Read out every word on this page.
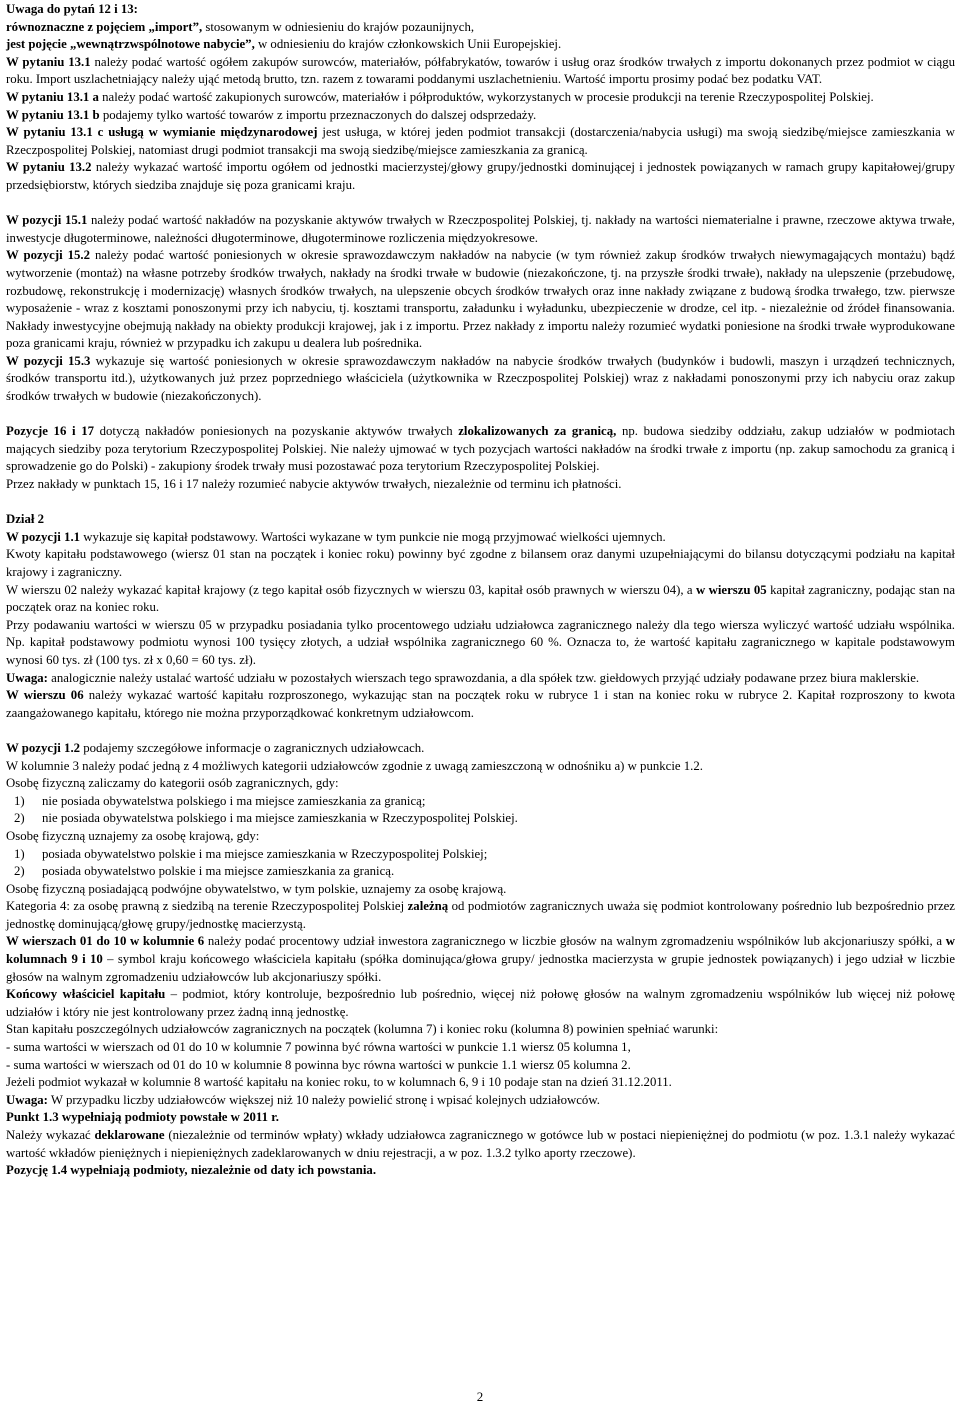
Uwaga do pytań 12 i 13:

równoznaczne z pojęciem „import”, stosowanym w odniesieniu do krajów pozaunijnych,

jest pojęcie „wewnątrzwspólnotowe nabycie”, w odniesieniu do krajów członkowskich Unii Europejskiej.

W pytaniu 13.1 należy podać wartość ogółem zakupów surowców, materiałów, półfabrykatów, towarów i usług oraz środków trwałych z importu dokonanych przez podmiot w ciągu roku. Import uszlachetniający należy ująć metodą brutto, tzn. razem z towarami poddanymi uszlachetnieniu. Wartość importu prosimy podać bez podatku VAT.

W pytaniu 13.1 a należy podać wartość zakupionych surowców, materiałów i półproduktów, wykorzystanych w procesie produkcji na terenie Rzeczypospolitej Polskiej.

W pytaniu 13.1 b podajemy tylko wartość towarów z importu przeznaczonych do dalszej odsprzedaży.

W pytaniu 13.1 c usługą w wymianie międzynarodowej jest usługa, w której jeden podmiot transakcji (dostarczenia/nabycia usługi) ma swoją siedzibę/miejsce zamieszkania w Rzeczpospolitej Polskiej, natomiast drugi podmiot transakcji ma swoją siedzibę/miejsce zamieszkania za granicą.

W pytaniu 13.2 należy wykazać wartość importu ogółem od jednostki macierzystej/głowy grupy/jednostki dominującej i jednostek powiązanych w ramach grupy kapitałowej/grupy przedsiębiorstw, których siedziba znajduje się poza granicami kraju.

W pozycji 15.1 należy podać wartość nakładów na pozyskanie aktywów trwałych w Rzeczpospolitej Polskiej, tj. nakłady na wartości niematerialne i prawne, rzeczowe aktywa trwałe, inwestycje długoterminowe, należności długoterminowe, długoterminowe rozliczenia międzyokresowe.

W pozycji 15.2 należy podać wartość poniesionych w okresie sprawozdawczym nakładów na nabycie (w tym również zakup środków trwałych niewymagających montażu) bądź wytworzenie (montaż) na własne potrzeby środków trwałych, nakłady na środki trwałe w budowie (niezakończone, tj. na przyszłe środki trwałe), nakłady na ulepszenie (przebudowę, rozbudowę, rekonstrukcję i modernizację) własnych środków trwałych, na ulepszenie obcych środków trwałych oraz inne nakłady związane z budową środka trwałego, tzw. pierwsze wyposażenie - wraz z kosztami ponoszonymi przy ich nabyciu, tj. kosztami transportu, załadunku i wyładunku, ubezpieczenie w drodze, cel itp. - niezależnie od źródeł finansowania. Nakłady inwestycyjne obejmują nakłady na obiekty produkcji krajowej, jak i z importu. Przez nakłady z importu należy rozumieć wydatki poniesione na środki trwałe wyprodukowane poza granicami kraju, również w przypadku ich zakupu u dealera lub pośrednika.

W pozycji 15.3 wykazuje się wartość poniesionych w okresie sprawozdawczym nakładów na nabycie środków trwałych (budynków i budowli, maszyn i urządzeń technicznych, środków transportu itd.), użytkowanych już przez poprzedniego właściciela (użytkownika w Rzeczpospolitej Polskiej) wraz z nakładami ponoszonymi przy ich nabyciu oraz zakup środków trwałych w budowie (niezakończonych).

Pozycje 16 i 17 dotyczą nakładów poniesionych na pozyskanie aktywów trwałych zlokalizowanych za granicą, np. budowa siedziby oddziału, zakup udziałów w podmiotach mających siedziby poza terytorium Rzeczypospolitej Polskiej. Nie należy ujmować w tych pozycjach wartości nakładów na środki trwałe z importu (np. zakup samochodu za granicą i sprowadzenie go do Polski) - zakupiony środek trwały musi pozostawać poza terytorium Rzeczypospolitej Polskiej.

Przez nakłady w punktach 15, 16 i 17 należy rozumieć nabycie aktywów trwałych, niezależnie od terminu ich płatności.

Dział 2

W pozycji 1.1 wykazuje się kapitał podstawowy. Wartości wykazane w tym punkcie nie mogą przyjmować wielkości ujemnych.

Kwoty kapitału podstawowego (wiersz 01 stan na początek i koniec roku) powinny być zgodne z bilansem oraz danymi uzupełniającymi do bilansu dotyczącymi podziału na kapitał krajowy i zagraniczny.

W wierszu 02 należy wykazać kapitał krajowy (z tego kapitał osób fizycznych w wierszu 03, kapitał osób prawnych w wierszu 04), a w wierszu 05 kapitał zagraniczny, podając stan na początek oraz na koniec roku.

Przy podawaniu wartości w wierszu 05 w przypadku posiadania tylko procentowego udziału udziałowca zagranicznego należy dla tego wiersza wyliczyć wartość udziału wspólnika. Np. kapitał podstawowy podmiotu wynosi 100 tysięcy złotych, a udział wspólnika zagranicznego 60 %. Oznacza to, że wartość kapitału zagranicznego w kapitale podstawowym wynosi 60 tys. zł (100 tys. zł x 0,60 = 60 tys. zł).

Uwaga: analogicznie należy ustalać wartość udziału w pozostałych wierszach tego sprawozdania, a dla spółek tzw. giełdowych przyjąć udziały podawane przez biura maklerskie.

W wierszu 06 należy wykazać wartość kapitału rozproszonego, wykazując stan na początek roku w rubryce 1 i stan na koniec roku w rubryce 2. Kapitał rozproszony to kwota zaangażowanego kapitału, którego nie można przyporządkować konkretnym udziałowcom.

W pozycji 1.2 podajemy szczegółowe informacje o zagranicznych udziałowcach.

W kolumnie 3 należy podać jedną z 4 możliwych kategorii udziałowców zgodnie z uwagą zamieszczoną w odnośniku a) w punkcie 1.2.

Osobę fizyczną zaliczamy do kategorii osób zagranicznych, gdy:

1)	nie posiada obywatelstwa polskiego i ma miejsce zamieszkania za granicą;
2)	nie posiada obywatelstwa polskiego i ma miejsce zamieszkania w Rzeczypospolitej Polskiej.

Osobę fizyczną uznajemy za osobę krajową, gdy:

1)	posiada obywatelstwo polskie i ma miejsce zamieszkania w Rzeczypospolitej Polskiej;
2)	posiada obywatelstwo polskie i ma miejsce zamieszkania za granicą.

Osobę fizyczną posiadającą podwójne obywatelstwo, w tym polskie, uznajemy za osobę krajową.

Kategoria 4: za osobę prawną z siedzibą na terenie Rzeczypospolitej Polskiej zależną od podmiotów zagranicznych uważa się podmiot kontrolowany pośrednio lub bezpośrednio przez jednostkę dominującą/głowę grupy/jednostkę macierzystą.

W wierszach 01 do 10 w kolumnie 6 należy podać procentowy udział inwestora zagranicznego w liczbie głosów na walnym zgromadzeniu wspólników lub akcjonariuszy spółki, a w kolumnach 9 i 10 – symbol kraju końcowego właściciela kapitału (spółka dominująca/głowa grupy/ jednostka macierzysta w grupie jednostek powiązanych) i jego udział w liczbie głosów na walnym zgromadzeniu udziałowców lub akcjonariuszy spółki.

Końcowy właściciel kapitału – podmiot, który kontroluje, bezpośrednio lub pośrednio, więcej niż połowę głosów na walnym zgromadzeniu wspólników lub więcej niż połowę udziałów i który nie jest kontrolowany przez żadną inną jednostkę.

Stan kapitału poszczególnych udziałowców zagranicznych na początek (kolumna 7) i koniec roku (kolumna 8) powinien spełniać warunki:

- suma wartości w wierszach od 01 do 10 w kolumnie 7 powinna być równa wartości w punkcie 1.1 wiersz 05 kolumna 1,

- suma wartości w wierszach od 01 do 10 w kolumnie 8 powinna byc równa wartości w punkcie 1.1 wiersz 05 kolumna 2.

Jeżeli podmiot wykazał w kolumnie 8 wartość kapitału na koniec roku, to w kolumnach 6, 9 i 10 podaje stan na dzień 31.12.2011.

Uwaga: W przypadku liczby udziałowców większej niż 10 należy powielić stronę i wpisać kolejnych udziałowców.

Punkt 1.3 wypełniają podmioty powstałe w 2011 r.

Należy wykazać deklarowane (niezależnie od terminów wpłaty) wkłady udziałowca zagranicznego w gotówce lub w postaci niepieniężnej do podmiotu (w poz. 1.3.1 należy wykazać wartość wkładów pieniężnych i niepieniężnych zadeklarowanych w dniu rejestracji, a w poz. 1.3.2 tylko aporty rzeczowe).

Pozycję 1.4 wypełniają podmioty, niezależnie od daty ich powstania.

2
